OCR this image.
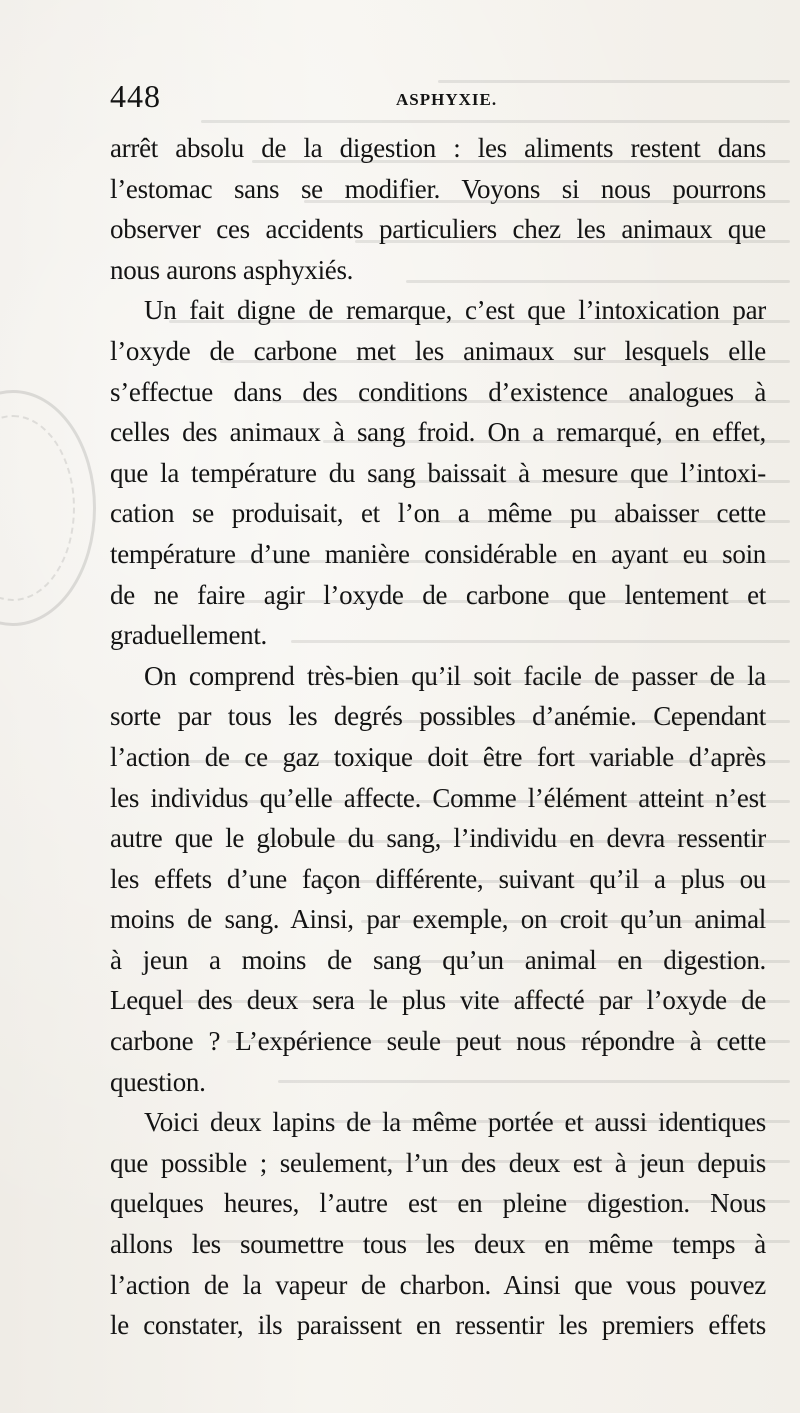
448	ASPHYXIE.
arrêt absolu de la digestion : les aliments restent dans
l’estomac sans se modifier. Voyons si nous pourrons
observer ces accidents particuliers chez les animaux que
nous aurons asphyxiés.
Un fait digne de remarque, c’est que l’intoxication par
l’oxyde de carbone met les animaux sur lesquels elle
s’effectue dans des conditions d’existence analogues à
celles des animaux à sang froid. On a remarqué, en effet,
que la température du sang baissait à mesure que l’intoxi-
cation se produisait, et l’on a même pu abaisser cette
température d’une manière considérable en ayant eu soin
de ne faire agir l’oxyde de carbone que lentement et
graduellement.
On comprend très-bien qu’il soit facile de passer de la
sorte par tous les degrés possibles d’anémie. Cependant
l’action de ce gaz toxique doit être fort variable d’après
les individus qu’elle affecte. Comme l’élément atteint n’est
autre que le globule du sang, l’individu en devra ressentir
les effets d’une façon différente, suivant qu’il a plus ou
moins de sang. Ainsi, par exemple, on croit qu’un animal
à jeun a moins de sang qu’un animal en digestion.
Lequel des deux sera le plus vite affecté par l’oxyde de
carbone ? L’expérience seule peut nous répondre à cette
question.
Voici deux lapins de la même portée et aussi identiques
que possible ; seulement, l’un des deux est à jeun depuis
quelques heures, l’autre est en pleine digestion. Nous
allons les soumettre tous les deux en même temps à
l’action de la vapeur de charbon. Ainsi que vous pouvez
le constater, ils paraissent en ressentir les premiers effets
